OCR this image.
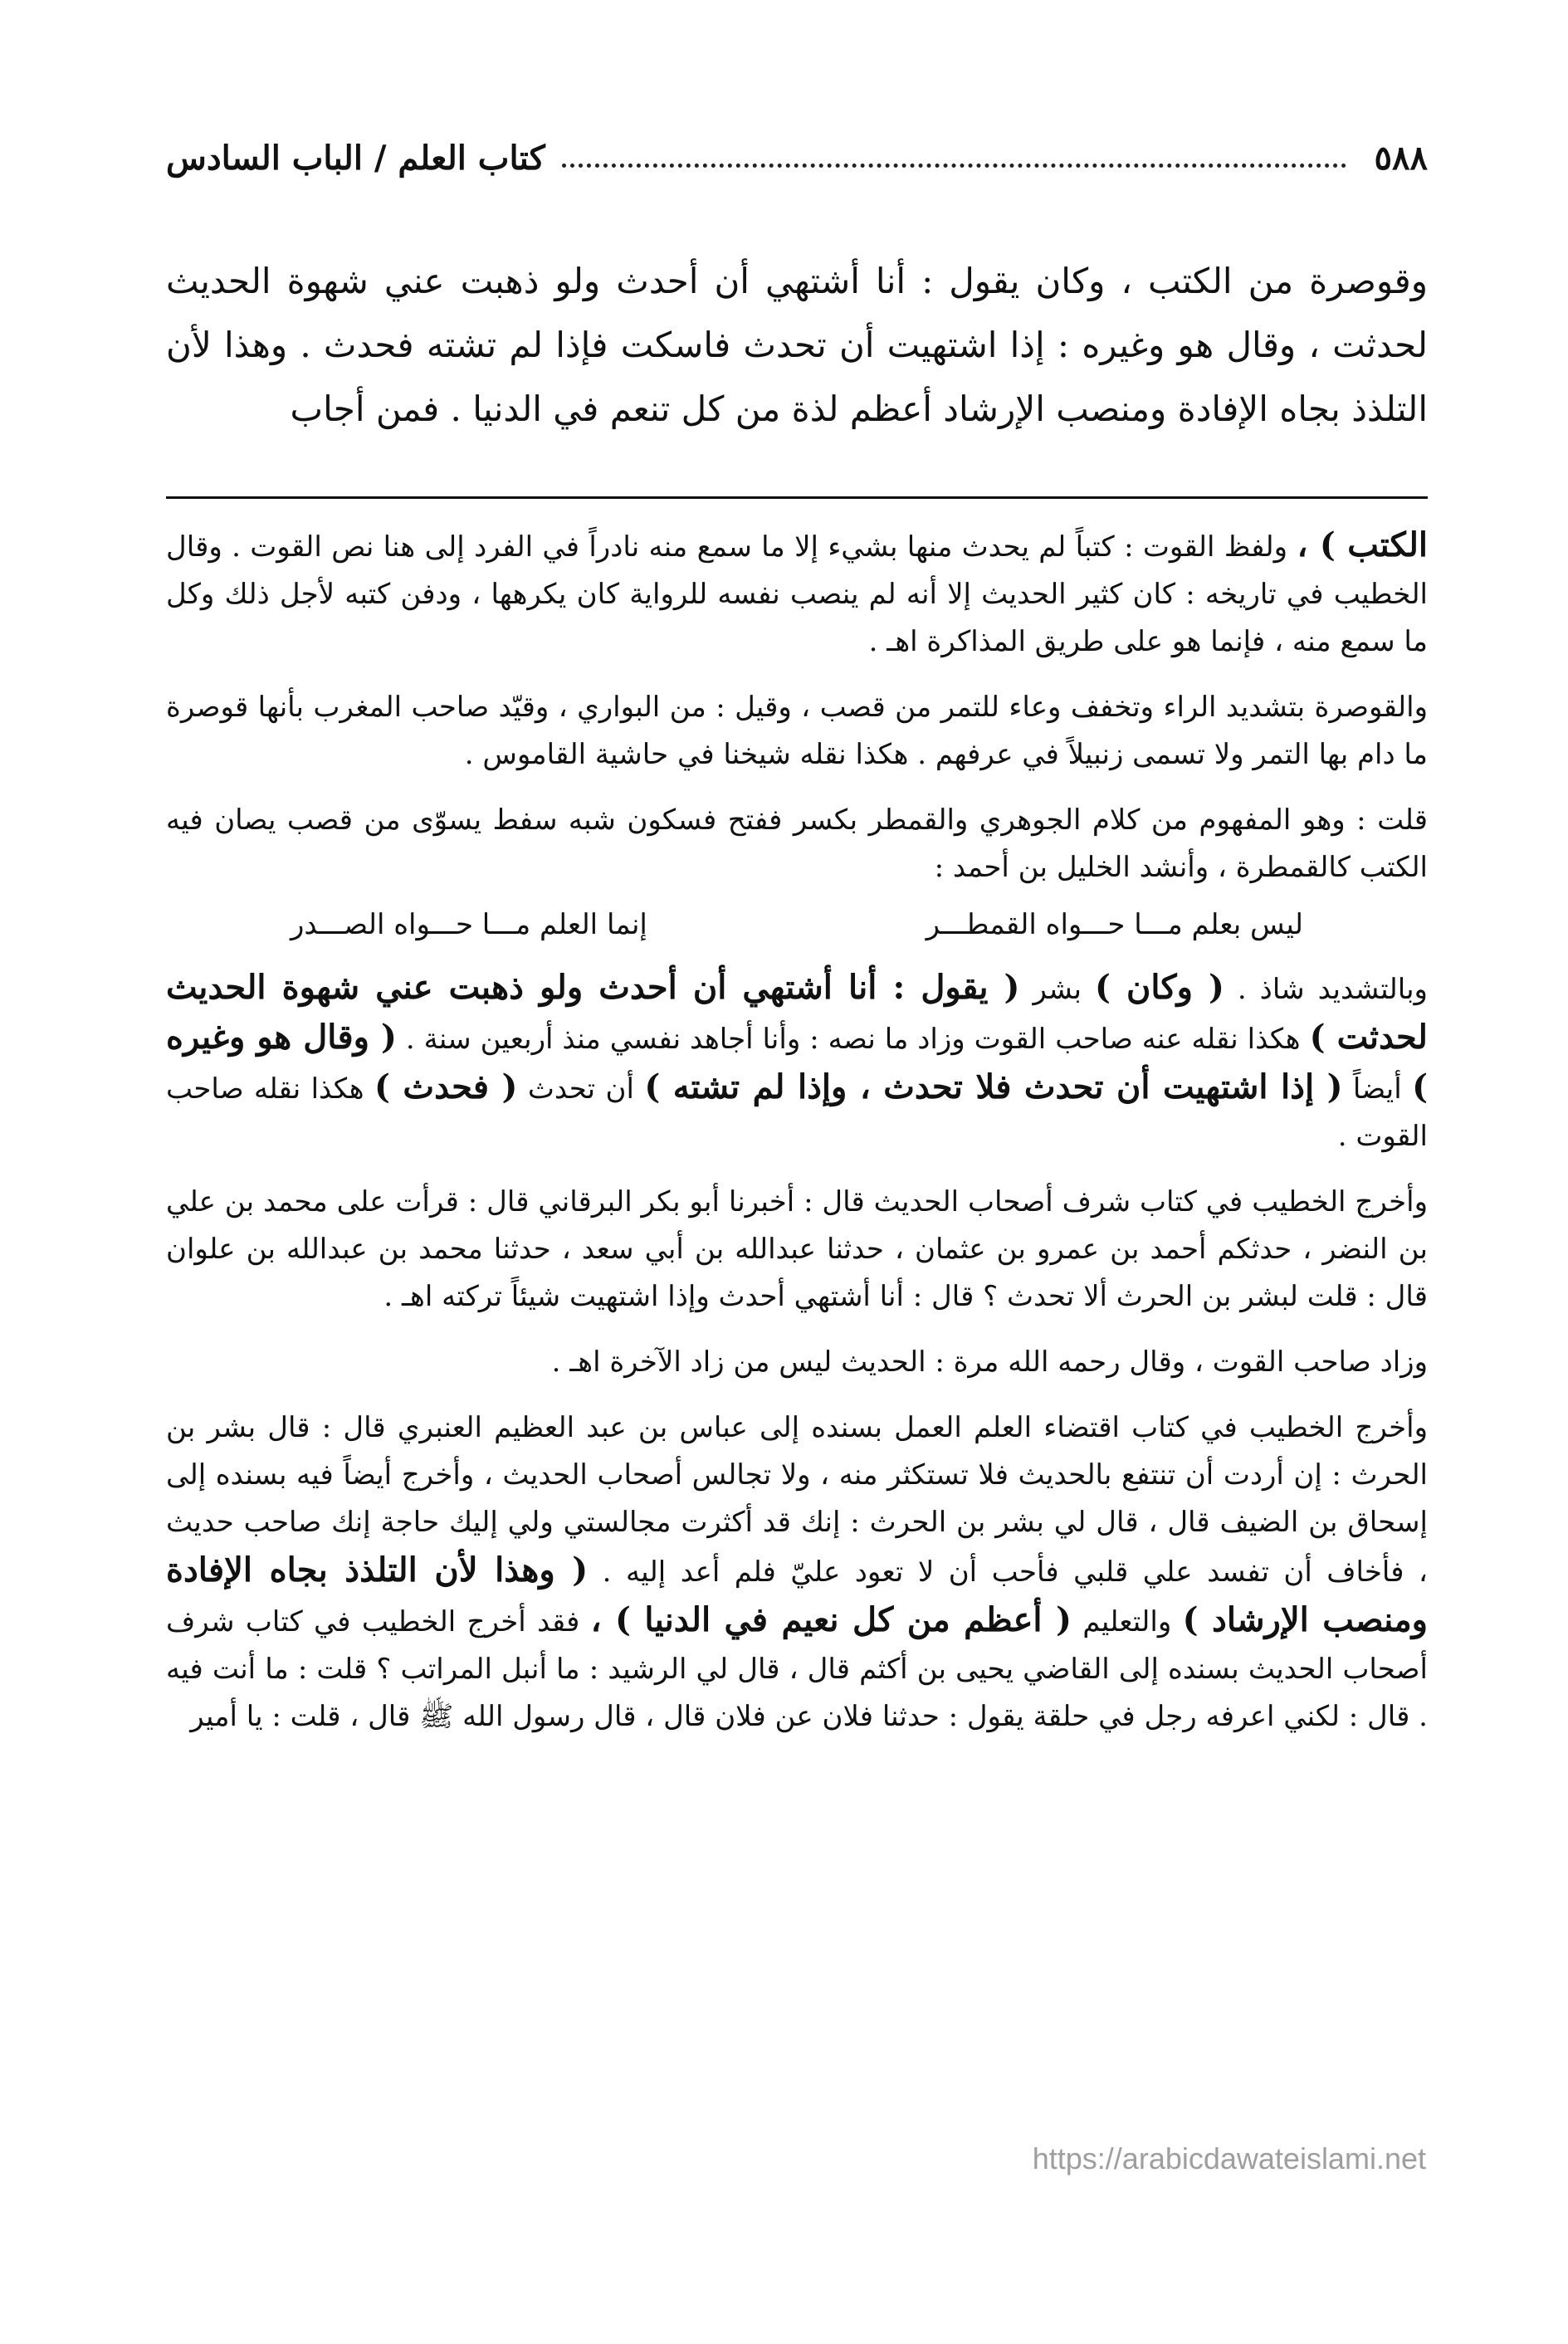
٥٨٨
كتاب العلم / الباب السادس

وقوصرة من الكتب ، وكان يقول : أنا أشتهي أن أحدث ولو ذهبت عني شهوة الحديث لحدثت ، وقال هو وغيره : إذا اشتهيت أن تحدث فاسكت فإذا لم تشته فحدث . وهذا لأن التلذذ بجاه الإفادة ومنصب الإرشاد أعظم لذة من كل تنعم في الدنيا . فمن أجاب

الكتب ) ، ولفظ القوت : كتباً لم يحدث منها بشيء إلا ما سمع منه نادراً في الفرد إلى هنا نص القوت . وقال الخطيب في تاريخه : كان كثير الحديث إلا أنه لم ينصب نفسه للرواية كان يكرهها ، ودفن كتبه لأجل ذلك وكل ما سمع منه ، فإنما هو على طريق المذاكرة اهـ .

والقوصرة بتشديد الراء وتخفف وعاء للتمر من قصب ، وقيل : من البواري ، وقيّد صاحب المغرب بأنها قوصرة ما دام بها التمر ولا تسمى زنبيلاً في عرفهم . هكذا نقله شيخنا في حاشية القاموس .

قلت : وهو المفهوم من كلام الجوهري والقمطر بكسر ففتح فسكون شبه سفط يسوّى من قصب يصان فيه الكتب كالقمطرة ، وأنشد الخليل بن أحمد :

ليس بعلم مـــا حـــواه القمطـــر
إنما العلم مـــا حـــواه الصـــدر

وبالتشديد شاذ . ( وكان ) بشر ( يقول : أنا أشتهي أن أحدث ولو ذهبت عني شهوة الحديث لحدثت ) هكذا نقله عنه صاحب القوت وزاد ما نصه : وأنا أجاهد نفسي منذ أربعين سنة . ( وقال هو وغيره ) أيضاً ( إذا اشتهيت أن تحدث فلا تحدث ، وإذا لم تشته ) أن تحدث ( فحدث ) هكذا نقله صاحب القوت .

وأخرج الخطيب في كتاب شرف أصحاب الحديث قال : أخبرنا أبو بكر البرقاني قال : قرأت على محمد بن علي بن النضر ، حدثكم أحمد بن عمرو بن عثمان ، حدثنا عبدالله بن أبي سعد ، حدثنا محمد بن عبدالله بن علوان قال : قلت لبشر بن الحرث ألا تحدث ؟ قال : أنا أشتهي أحدث وإذا اشتهيت شيئاً تركته اهـ .

وزاد صاحب القوت ، وقال رحمه الله مرة : الحديث ليس من زاد الآخرة اهـ .

وأخرج الخطيب في كتاب اقتضاء العلم العمل بسنده إلى عباس بن عبد العظيم العنبري قال : قال بشر بن الحرث : إن أردت أن تنتفع بالحديث فلا تستكثر منه ، ولا تجالس أصحاب الحديث ، وأخرج أيضاً فيه بسنده إلى إسحاق بن الضيف قال ، قال لي بشر بن الحرث : إنك قد أكثرت مجالستي ولي إليك حاجة إنك صاحب حديث ، فأخاف أن تفسد علي قلبي فأحب أن لا تعود عليّ فلم أعد إليه . ( وهذا لأن التلذذ بجاه الإفادة ومنصب الإرشاد ) والتعليم ( أعظم من كل نعيم في الدنيا ) ، فقد أخرج الخطيب في كتاب شرف أصحاب الحديث بسنده إلى القاضي يحيى بن أكثم قال ، قال لي الرشيد : ما أنبل المراتب ؟ قلت : ما أنت فيه . قال : لكني اعرفه رجل في حلقة يقول : حدثنا فلان عن فلان قال ، قال رسول الله ﷺ قال ، قلت : يا أمير

https://arabicdawateislami.net
